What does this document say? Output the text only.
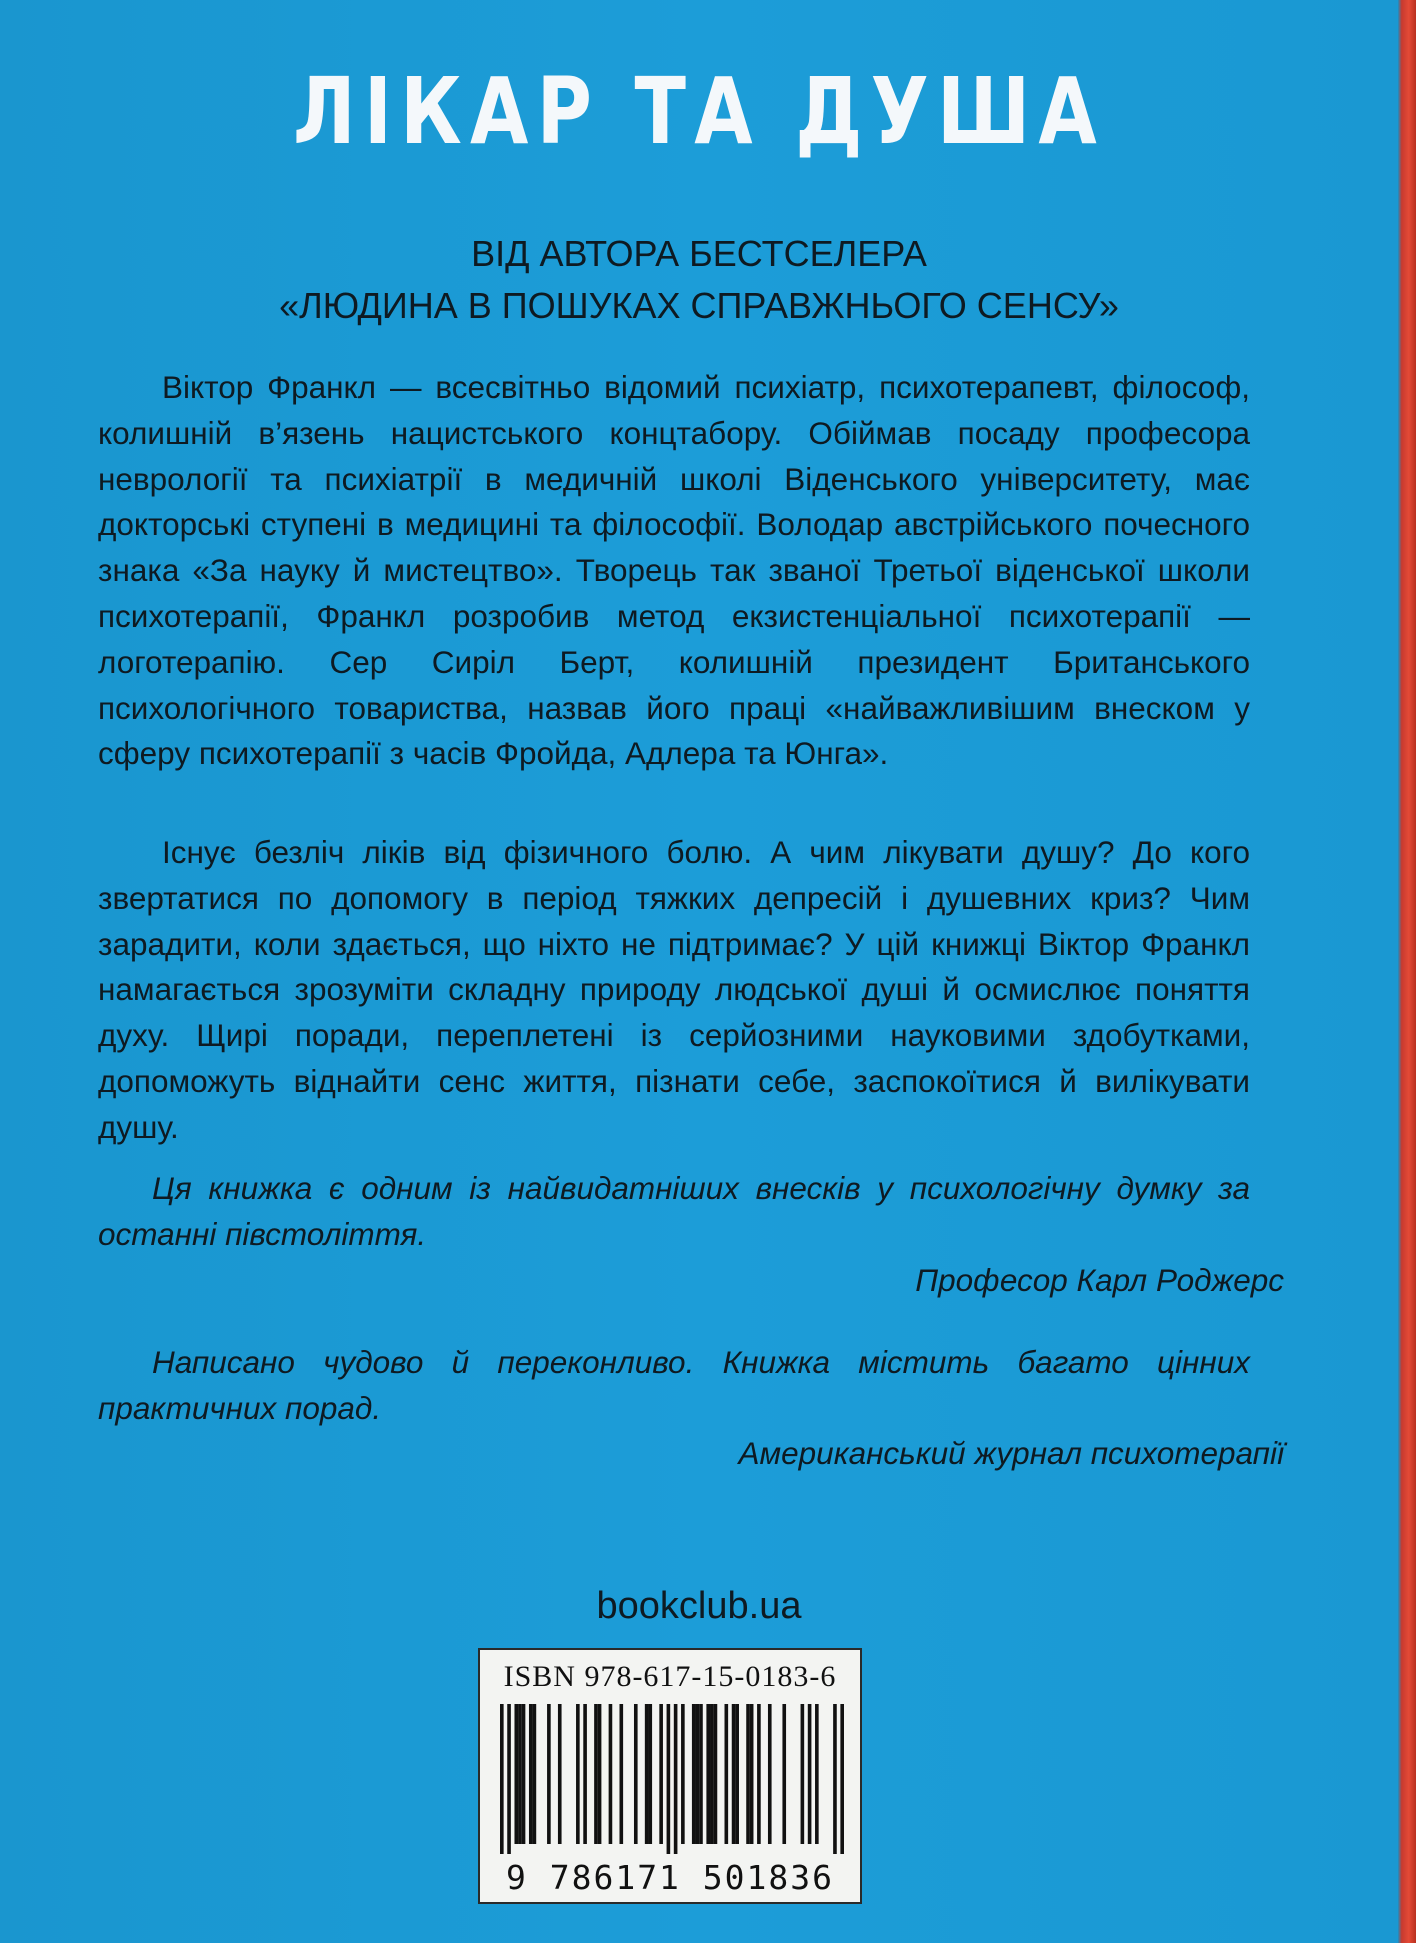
ЛІКАР ТА ДУША
ВІД АВТОРА БЕСТСЕЛЕРА
«ЛЮДИНА В ПОШУКАХ СПРАВЖНЬОГО СЕНСУ»

Віктор Франкл — всесвітньо відомий психіатр, психотерапевт, філософ, колишній в’язень нацистського концтабору. Обіймав посаду професора неврології та психіатрії в медичній школі Віденського університету, має докторські ступені в медицині та філософії. Володар австрійського почесного знака «За науку й мистецтво». Творець так званої Третьої віденської школи психотерапії, Франкл розробив метод екзистенціальної психотерапії — логотерапію. Сер Сиріл Берт, колишній президент Британського психологічного товариства, назвав його праці «найважливішим внеском у сферу психотерапії з часів Фройда, Адлера та Юнга».

Існує безліч ліків від фізичного болю. А чим лікувати душу? До кого звертатися по допомогу в період тяжких депресій і душевних криз? Чим зарадити, коли здається, що ніхто не підтримає? У цій книжці Віктор Франкл намагається зрозуміти складну природу людської душі й осмислює поняття духу. Щирі поради, переплетені із серйозними науковими здобутками, допоможуть віднайти сенс життя, пізнати себе, заспокоїтися й вилікувати душу.

Ця книжка є одним із найвидатніших внесків у психологічну думку за останні півстоліття.

Професор Карл Роджерс

Написано чудово й переконливо. Книжка містить багато цінних практичних порад.

Американський журнал психотерапії
bookclub.ua
ISBN 978-617-15-0183-6
9 786171 501836
